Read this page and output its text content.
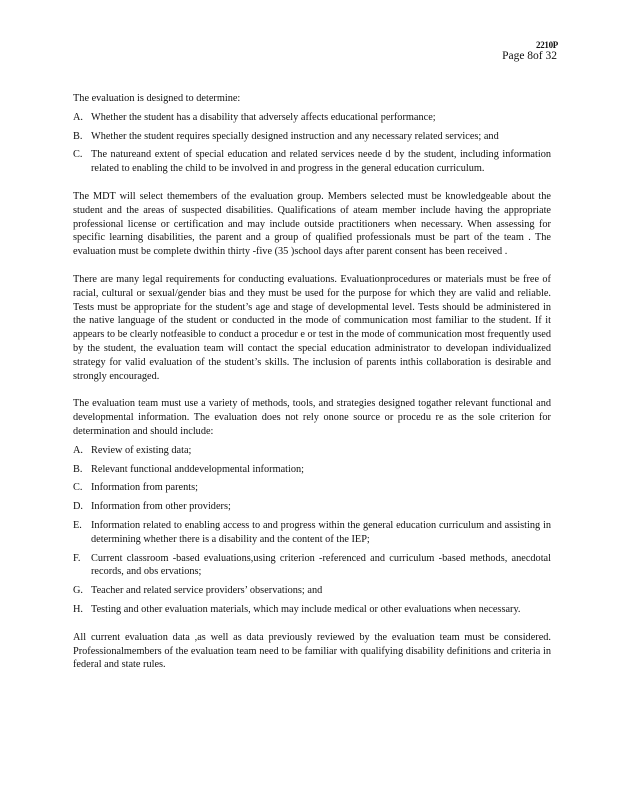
2210P
Page 8of 32

The evaluation is designed to determine:

A. Whether the student has a disability that adversely affects educational performance;
B. Whether the student requires specially designed instruction and any necessary related services; and
C. The natureand extent of special education and related services neede d by the student, including information related to enabling the child to be involved in and progress in the general education curriculum.

The MDT will select themembers of the evaluation group. Members selected must be knowledgeable about the student and the areas of suspected disabilities. Qualifications of ateam member include having the appropriate professional license or certification and may include outside practitioners when necessary. When assessing for specific learning disabilities, the parent and a group of qualified professionals must be part of the team . The evaluation must be complete dwithin thirty -five (35 )school days after parent consent has been received .

There are many legal requirements for conducting evaluations. Evaluationprocedures or materials must be free of racial, cultural or sexual/gender bias and they must be used for the purpose for which they are valid and reliable. Tests must be appropriate for the student’s age and stage of developmental level. Tests should be administered in the native language of the student or conducted in the mode of communication most familiar to the student. If it appears to be clearly notfeasible to conduct a procedur e or test in the mode of communication most frequently used by the student, the evaluation team will contact the special education administrator to developan individualized strategy for valid evaluation of the student’s skills. The inclusion of parents inthis collaboration is desirable and strongly encouraged.

The evaluation team must use a variety of methods, tools, and strategies designed togather relevant functional and developmental information. The evaluation does not rely onone source or procedu re as the sole criterion for determination and should include:

A. Review of existing data;
B. Relevant functional anddevelopmental information;
C. Information from parents;
D. Information from other providers;
E. Information related to enabling access to and progress within the general education curriculum and assisting in determining whether there is a disability and the content of the IEP;
F.	Current classroom -based evaluations,using criterion -referenced and curriculum -based methods, anecdotal records, and obs ervations;
G. Teacher and related service providers’ observations; and
H. Testing and other evaluation materials, which may include medical or other evaluations when necessary.

All current evaluation data ,as well as data previously reviewed by the evaluation team must be considered. Professionalmembers of the evaluation team need to be familiar with qualifying disability definitions and criteria in federal and state rules.
